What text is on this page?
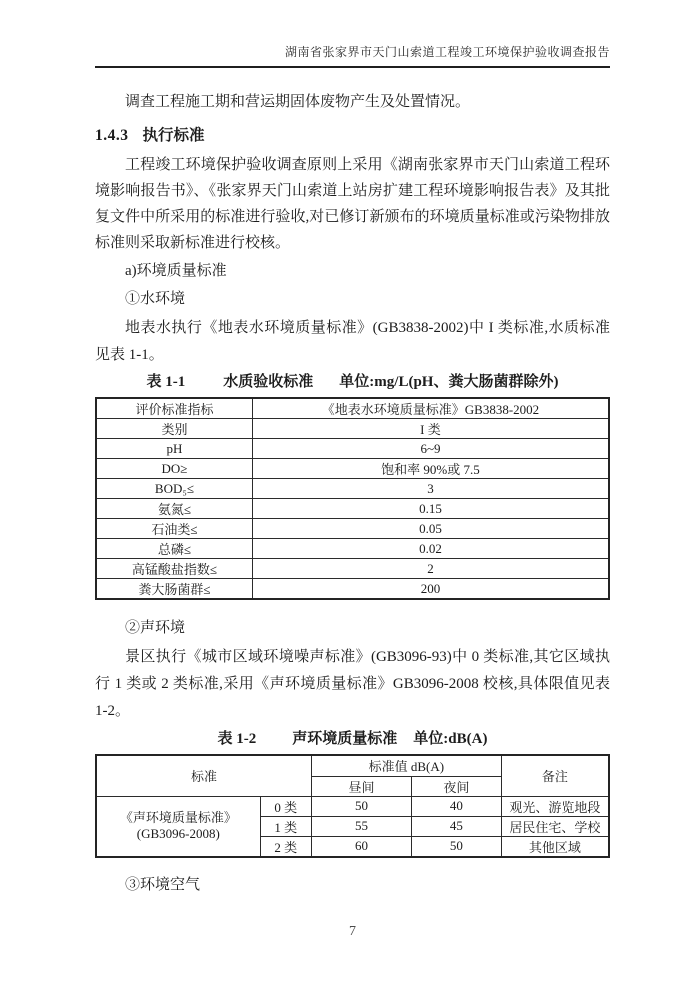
湖南省张家界市天门山索道工程竣工环境保护验收调查报告

调查工程施工期和营运期固体废物产生及处置情况。

1.4.3 执行标准

工程竣工环境保护验收调查原则上采用《湖南张家界市天门山索道工程环境影响报告书》、《张家界天门山索道上站房扩建工程环境影响报告表》及其批复文件中所采用的标准进行验收,对已修订新颁布的环境质量标准或污染物排放标准则采取新标准进行校核。

a)环境质量标准
①水环境

地表水执行《地表水环境质量标准》(GB3838-2002)中 I 类标准,水质标准见表 1-1。

表 1-1	水质验收标准 单位:mg/L(pH、粪大肠菌群除外)
评价标准指标	《地表水环境质量标准》GB3838-2002
类别	I 类
pH	6~9
DO≥	饱和率 90%或 7.5
BOD₅≤	3
氨氮≤	0.15
石油类≤	0.05
总磷≤	0.02
高锰酸盐指数≤	2
粪大肠菌群≤	200
②声环境

景区执行《城市区域环境噪声标准》(GB3096-93)中 0 类标准,其它区域执行 1 类或 2 类标准,采用《声环境质量标准》GB3096-2008 校核,具体限值见表 1-2。

表 1-2 声环境质量标准 单位:dB(A)
标准		标准值 dB(A)		备注
		昼间	夜间	

《声环境质量标准》
(GB3096-2008)	0 类	50	40	观光、游览地段
	1 类	55	45	居民住宅、学校
	2 类	60	50	其他区域
③环境空气
7
